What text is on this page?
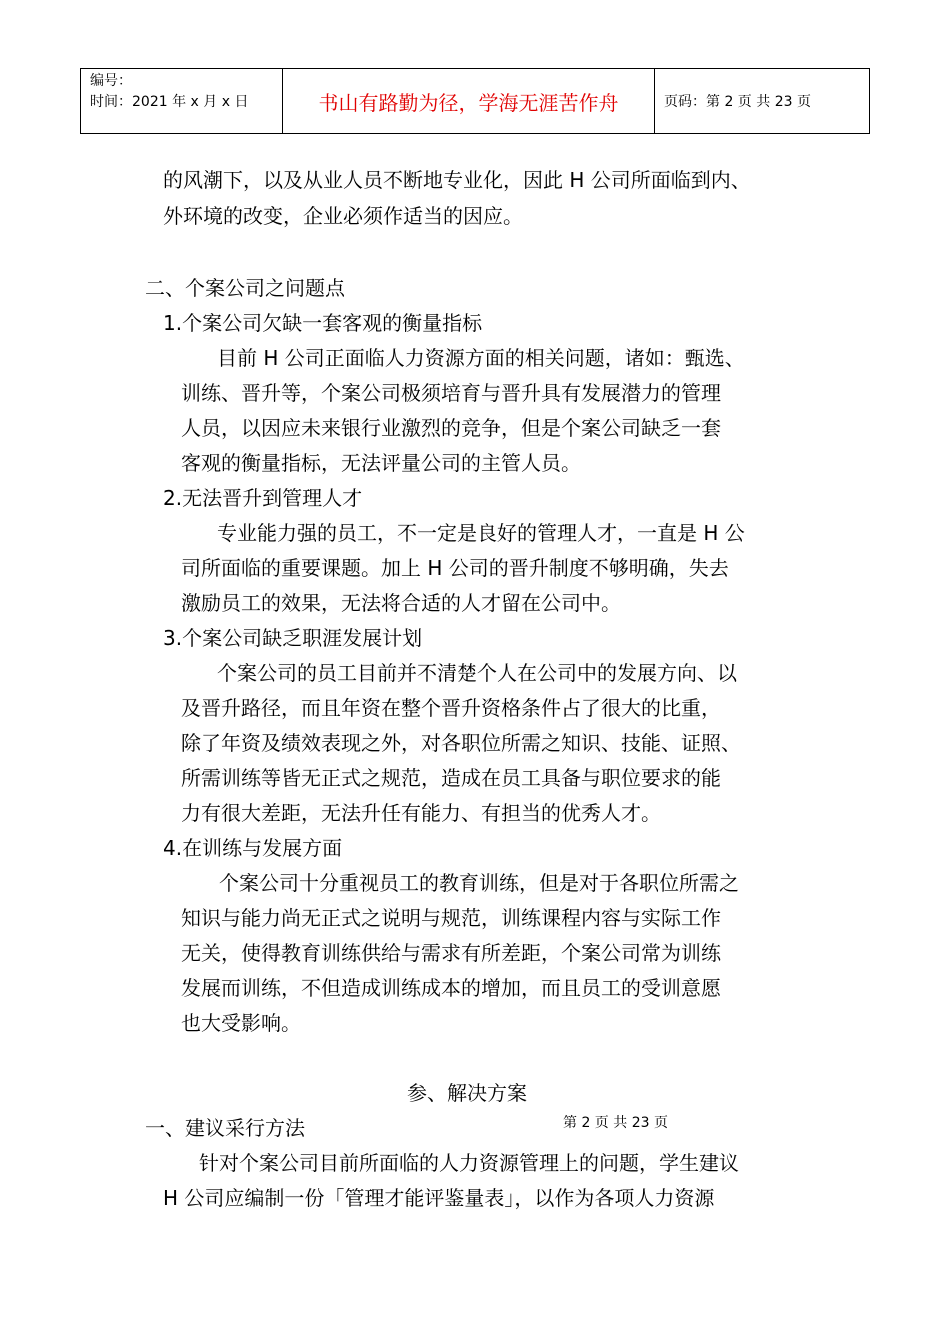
编号：
时间：2021 年 x 月 x 日	书山有路勤为径，学海无涯苦作舟	页码：第 2 页 共 23 页
的风潮下，以及从业人员不断地专业化，因此 H 公司所面临到内、
外环境的改变，企业必须作适当的因应。
二、个案公司之问题点
1.个案公司欠缺一套客观的衡量指标
目前 H 公司正面临人力资源方面的相关问题，诸如：甄选、
训练、晋升等，个案公司极须培育与晋升具有发展潜力的管理
人员，以因应未来银行业激烈的竞争，但是个案公司缺乏一套
客观的衡量指标，无法评量公司的主管人员。
2.无法晋升到管理人才
专业能力强的员工，不一定是良好的管理人才，一直是 H 公
司所面临的重要课题。加上 H 公司的晋升制度不够明确，失去
激励员工的效果，无法将合适的人才留在公司中。
3.个案公司缺乏职涯发展计划
个案公司的员工目前并不清楚个人在公司中的发展方向、以
及晋升路径，而且年资在整个晋升资格条件占了很大的比重，
除了年资及绩效表现之外，对各职位所需之知识、技能、证照、
所需训练等皆无正式之规范，造成在员工具备与职位要求的能
力有很大差距，无法升任有能力、有担当的优秀人才。
4.在训练与发展方面
个案公司十分重视员工的教育训练，但是对于各职位所需之
知识与能力尚无正式之说明与规范，训练课程内容与实际工作
无关，使得教育训练供给与需求有所差距，个案公司常为训练
发展而训练，不但造成训练成本的增加，而且员工的受训意愿
也大受影响。
参、解决方案
一、建议采行方法	第 2 页 共 23 页
针对个案公司目前所面临的人力资源管理上的问题，学生建议
H 公司应编制一份「管理才能评鉴量表」，以作为各项人力资源
